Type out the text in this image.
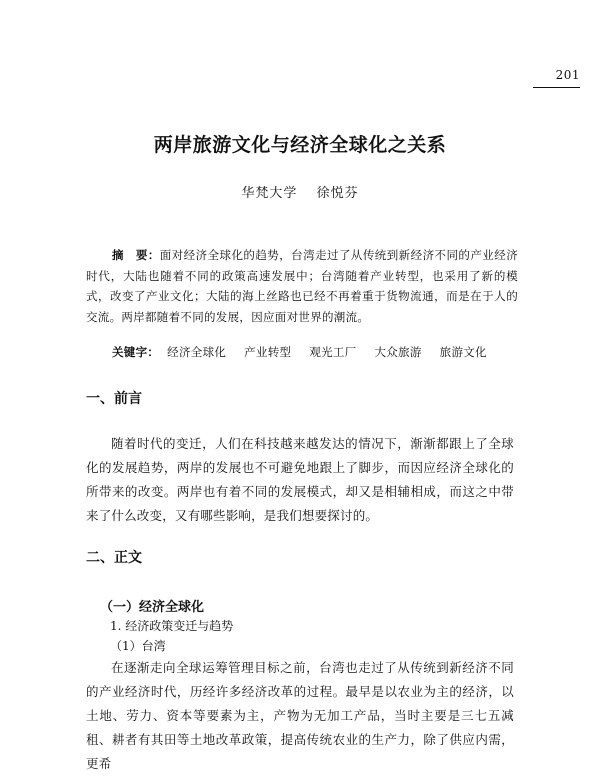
201
两岸旅游文化与经济全球化之关系
华梵大学 徐悦芬
摘　要：面对经济全球化的趋势，台湾走过了从传统到新经济不同的产业经济时代，大陆也随着不同的政策高速发展中；台湾随着产业转型，也采用了新的模式，改变了产业文化；大陆的海上丝路也已经不再着重于货物流通，而是在于人的交流。两岸都随着不同的发展，因应面对世界的潮流。
关键字： 经济全球化 产业转型 观光工厂 大众旅游 旅游文化
一、前言
随着时代的变迁，人们在科技越来越发达的情况下，渐渐都跟上了全球化的发展趋势，两岸的发展也不可避免地跟上了脚步，而因应经济全球化的所带来的改变。两岸也有着不同的发展模式，却又是相辅相成，而这之中带来了什么改变，又有哪些影响，是我们想要探讨的。
二、正文
（一）经济全球化
1. 经济政策变迁与趋势
（1）台湾
在逐渐走向全球运筹管理目标之前，台湾也走过了从传统到新经济不同的产业经济时代，历经许多经济改革的过程。最早是以农业为主的经济，以土地、劳力、资本等要素为主，产物为无加工产品，当时主要是三七五减租、耕者有其田等土地改革政策，提高传统农业的生产力，除了供应内需，更希
